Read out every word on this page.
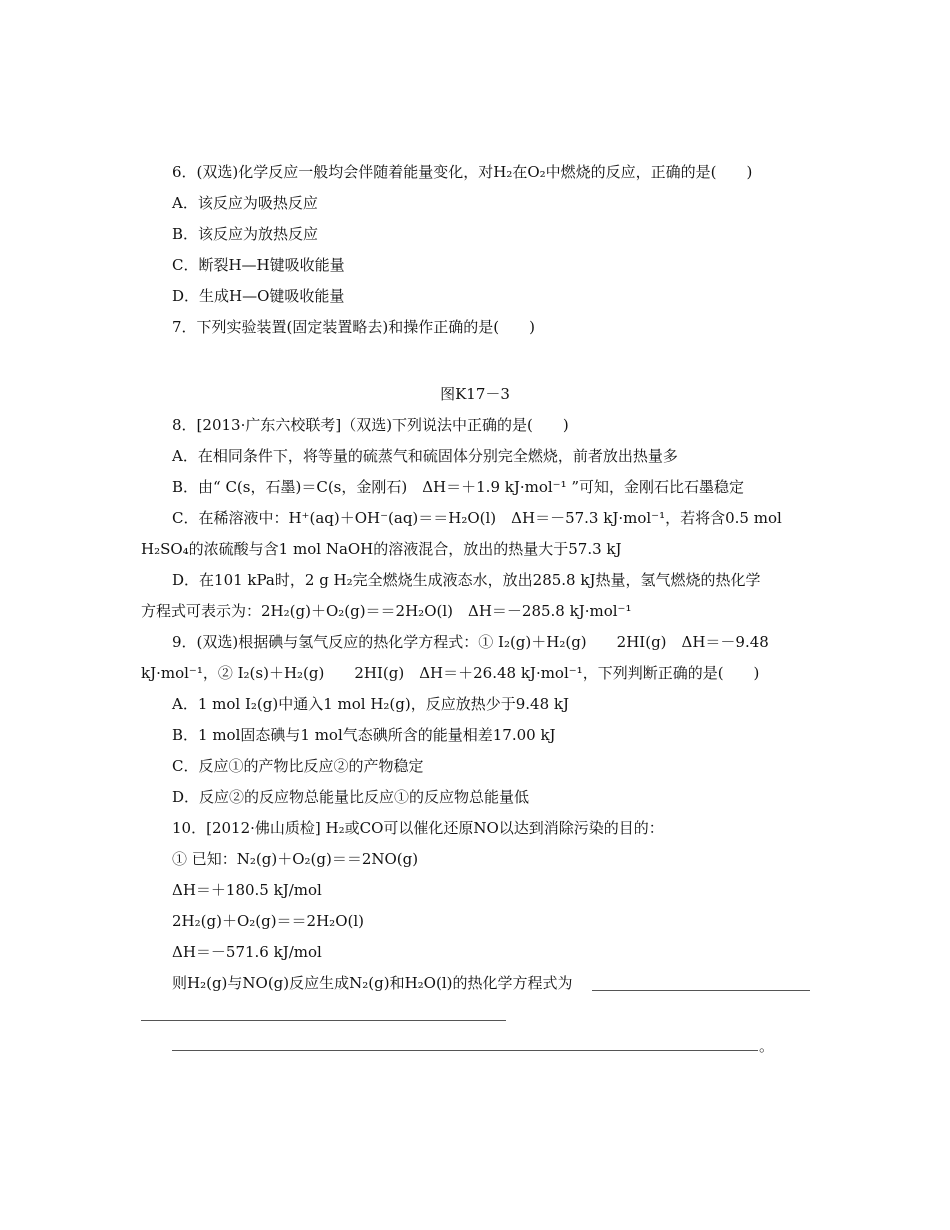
6．(双选)化学反应一般均会伴随着能量变化，对H₂在O₂中燃烧的反应，正确的是(　　)
A．该反应为吸热反应
B．该反应为放热反应
C．断裂H—H键吸收能量
D．生成H—O键吸收能量
7．下列实验装置(固定装置略去)和操作正确的是(　　)
图K17－3
8．[2013·广东六校联考]（双选)下列说法中正确的是(　　)
A．在相同条件下，将等量的硫蒸气和硫固体分别完全燃烧，前者放出热量多
B．由“ C(s，石墨)＝C(s，金刚石)　ΔH＝＋1.9 kJ·mol⁻¹ ”可知，金刚石比石墨稳定
C．在稀溶液中：H⁺(aq)＋OH⁻(aq)＝＝H₂O(l)　ΔH＝－57.3 kJ·mol⁻¹，若将含0.5 mol
H₂SO₄的浓硫酸与含1 mol NaOH的溶液混合，放出的热量大于57.3 kJ
D．在101 kPa时，2 g H₂完全燃烧生成液态水，放出285.8 kJ热量，氢气燃烧的热化学
方程式可表示为：2H₂(g)＋O₂(g)＝＝2H₂O(l)　ΔH＝－285.8 kJ·mol⁻¹
9．(双选)根据碘与氢气反应的热化学方程式：① I₂(g)＋H₂(g)　　2HI(g)　ΔH＝－9.48
kJ·mol⁻¹，② I₂(s)＋H₂(g)　　2HI(g)　ΔH＝＋26.48 kJ·mol⁻¹，下列判断正确的是(　　)
A．1 mol I₂(g)中通入1 mol H₂(g)，反应放热少于9.48 kJ
B．1 mol固态碘与1 mol气态碘所含的能量相差17.00 kJ
C．反应①的产物比反应②的产物稳定
D．反应②的反应物总能量比反应①的反应物总能量低
10．[2012·佛山质检] H₂或CO可以催化还原NO以达到消除污染的目的：
① 已知：N₂(g)＋O₂(g)＝＝2NO(g)
ΔH＝＋180.5 kJ/mol
2H₂(g)＋O₂(g)＝＝2H₂O(l)
ΔH＝－571.6 kJ/mol
则H₂(g)与NO(g)反应生成N₂(g)和H₂O(l)的热化学方程式为
。
